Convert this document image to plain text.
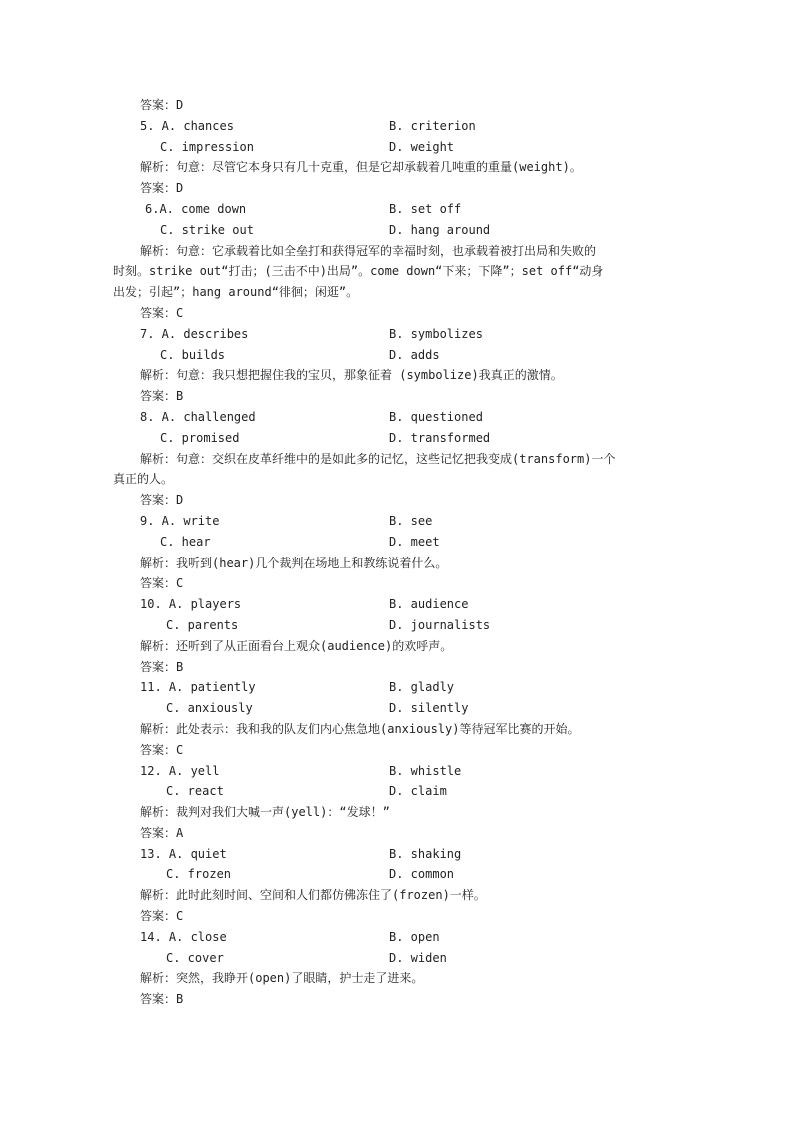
答案：D
5. A. chances	B. criterion
C. impression	D. weight
解析：句意：尽管它本身只有几十克重，但是它却承载着几吨重的重量(weight)。
答案：D
6.A. come down	B. set off
C. strike out	D. hang around
解析：句意：它承载着比如全垒打和获得冠军的幸福时刻，也承载着被打出局和失败的
时刻。strike out“打击；(三击不中)出局”。come down“下来；下降”；set off“动身
出发；引起”；hang around“徘徊；闲逛”。
答案：C
7. A. describes	B. symbolizes
C. builds	D. adds
解析：句意：我只想把握住我的宝贝，那象征着 (symbolize)我真正的激情。
答案：B
8. A. challenged	B. questioned
C. promised	D. transformed
解析：句意：交织在皮革纤维中的是如此多的记忆，这些记忆把我变成(transform)一个
真正的人。
答案：D
9. A. write	B. see
C. hear	D. meet
解析：我听到(hear)几个裁判在场地上和教练说着什么。
答案：C
10. A. players	B. audience
C. parents	D. journalists
解析：还听到了从正面看台上观众(audience)的欢呼声。
答案：B
11. A. patiently	B. gladly
C. anxiously	D. silently
解析：此处表示：我和我的队友们内心焦急地(anxiously)等待冠军比赛的开始。
答案：C
12. A. yell	B. whistle
C. react	D. claim
解析：裁判对我们大喊一声(yell)：“发球！”
答案：A
13. A. quiet	B. shaking
C. frozen	D. common
解析：此时此刻时间、空间和人们都仿佛冻住了(frozen)一样。
答案：C
14. A. close	B. open
C. cover	D. widen
解析：突然，我睁开(open)了眼睛，护士走了进来。
答案：B
